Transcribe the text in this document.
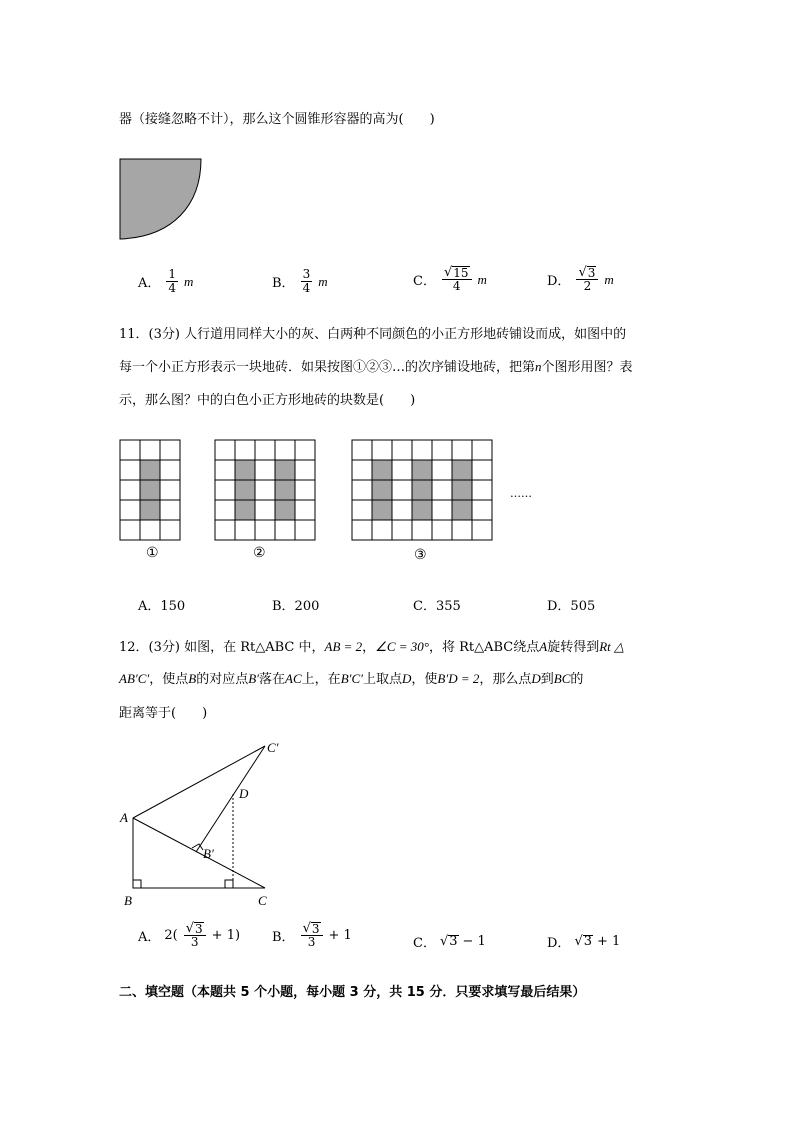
器（接缝忽略不计），那么这个圆锥形容器的高为(　　)
A． $\frac{1}{4}$ m	B． $\frac{3}{4}$ m	C． $\frac{√ 15}{4}$ m	D． $\frac{√ 3}{2}$ m
11．(3分) 人行道用同样大小的灰、白两种不同颜色的小正方形地砖铺设而成，如图中的
每一个小正方形表示一块地砖．如果按图①②③…的次序铺设地砖，把第n个图形用图？表
示，那么图？中的白色小正方形地砖的块数是(　　)
……
①	②	③
A．150	B．200	C．355	D．505
12．(3分) 如图，在 Rt△ABC 中，AB = 2，∠C = 30°，将 Rt△ABC绕点A旋转得到Rt △
AB′C′，使点B的对应点B′落在AC上，在B′C′上取点D，使B′D = 2，那么点D到BC的
距离等于(　　)
A
B	C
C′
D
B′
A． $2( \frac{√ 3}{3} + 1)$ B． $\frac{√ 3}{3} + 1$
C． √ 3 − 1	D． √ 3 + 1
二、填空题（本题共 5 个小题，每小题 3 分，共 15 分．只要求填写最后结果）
